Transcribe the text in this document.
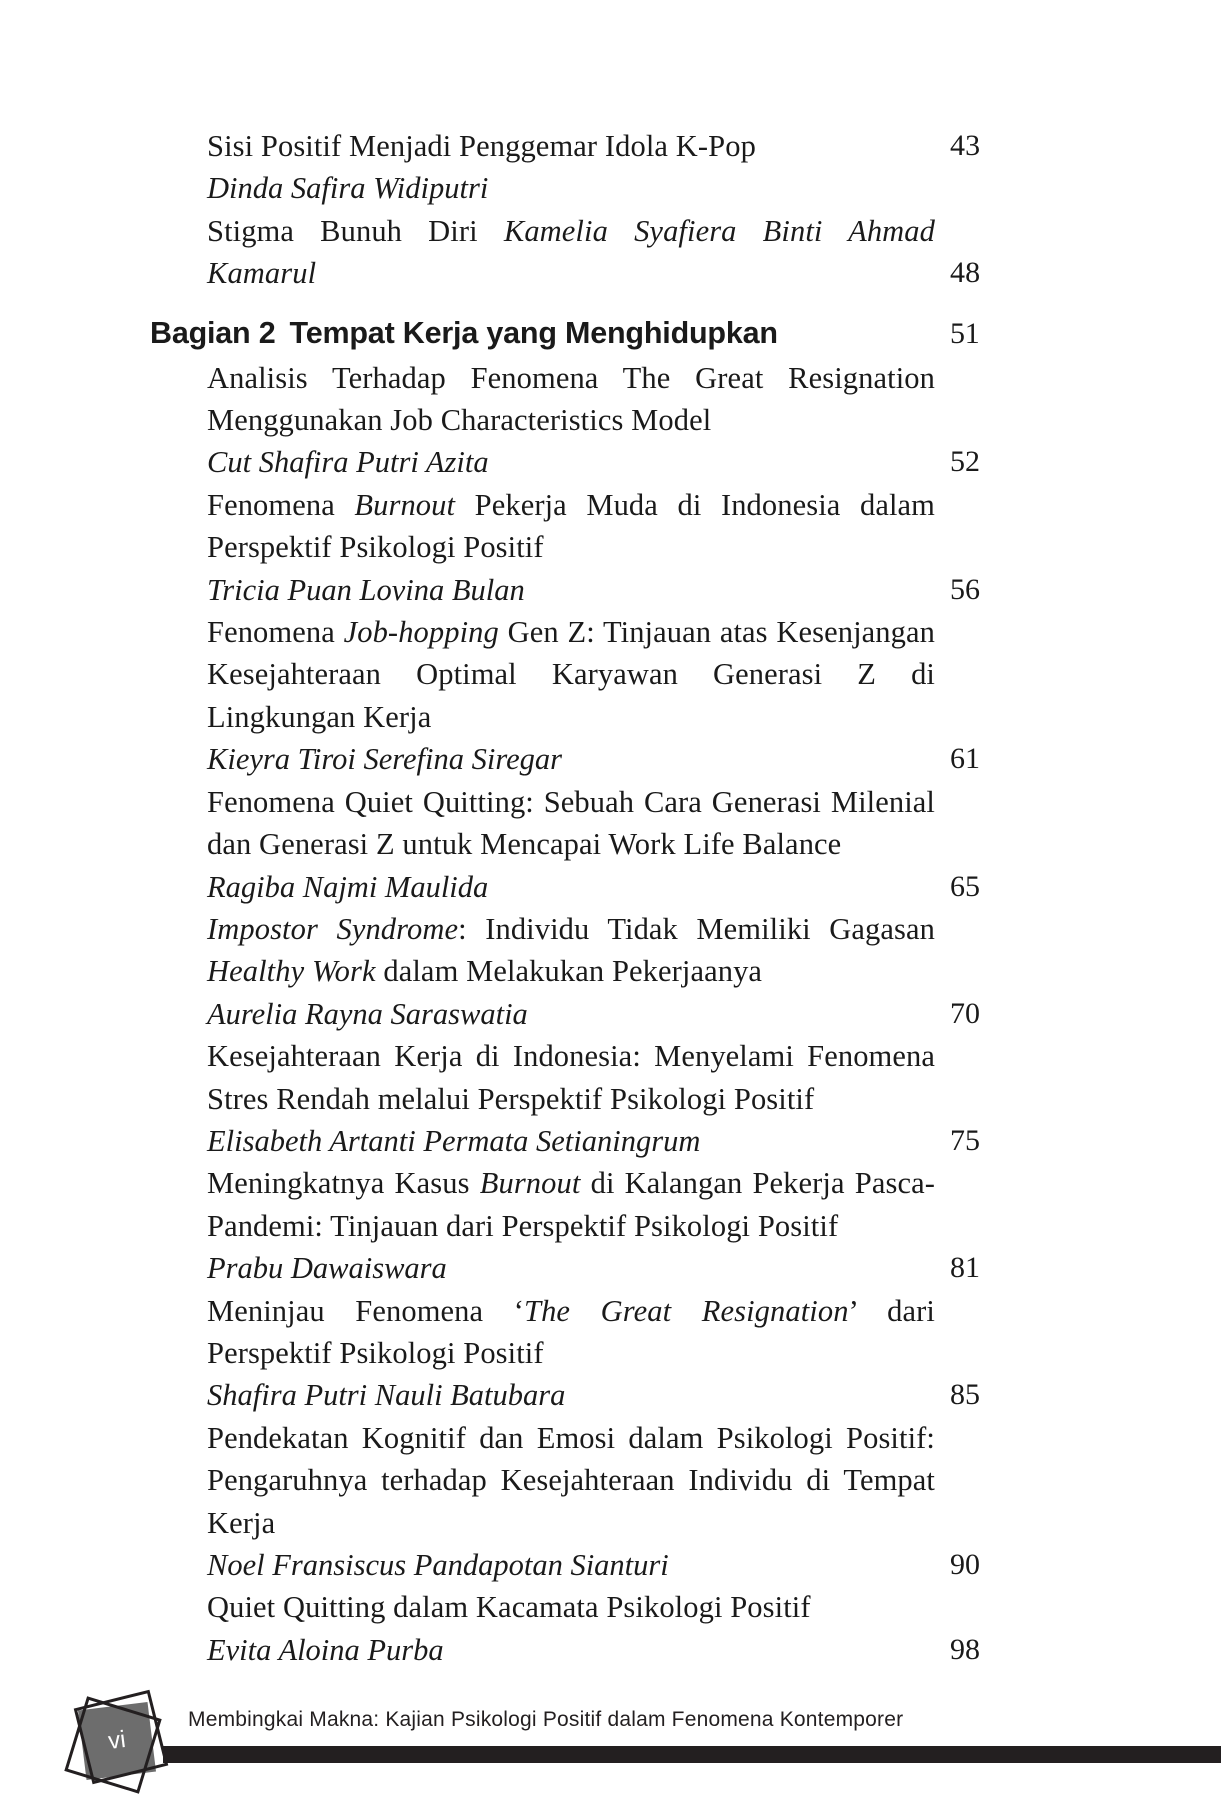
Sisi Positif Menjadi Penggemar Idola K-Pop	43
Dinda Safira Widiputri
Stigma Bunuh Diri Kamelia Syafiera Binti Ahmad Kamarul	48
Bagian 2 Tempat Kerja yang Menghidupkan	51
Analisis Terhadap Fenomena The Great Resignation Menggunakan Job Characteristics Model
Cut Shafira Putri Azita	52
Fenomena Burnout Pekerja Muda di Indonesia dalam Perspektif Psikologi Positif
Tricia Puan Lovina Bulan	56
Fenomena Job-hopping Gen Z: Tinjauan atas Kesenjangan Kesejahteraan Optimal Karyawan Generasi Z di Lingkungan Kerja
Kieyra Tiroi Serefina Siregar	61
Fenomena Quiet Quitting: Sebuah Cara Generasi Milenial dan Generasi Z untuk Mencapai Work Life Balance
Ragiba Najmi Maulida	65
Impostor Syndrome: Individu Tidak Memiliki Gagasan Healthy Work dalam Melakukan Pekerjaanya
Aurelia Rayna Saraswatia	70
Kesejahteraan Kerja di Indonesia: Menyelami Fenomena Stres Rendah melalui Perspektif Psikologi Positif
Elisabeth Artanti Permata Setianingrum	75
Meningkatnya Kasus Burnout di Kalangan Pekerja Pasca-Pandemi: Tinjauan dari Perspektif Psikologi Positif
Prabu Dawaiswara	81
Meninjau Fenomena ‘The Great Resignation’ dari Perspektif Psikologi Positif
Shafira Putri Nauli Batubara	85
Pendekatan Kognitif dan Emosi dalam Psikologi Positif: Pengaruhnya terhadap Kesejahteraan Individu di Tempat Kerja
Noel Fransiscus Pandapotan Sianturi	90
Quiet Quitting dalam Kacamata Psikologi Positif
Evita Aloina Purba	98
Membingkai Makna: Kajian Psikologi Positif dalam Fenomena Kontemporer
vi
